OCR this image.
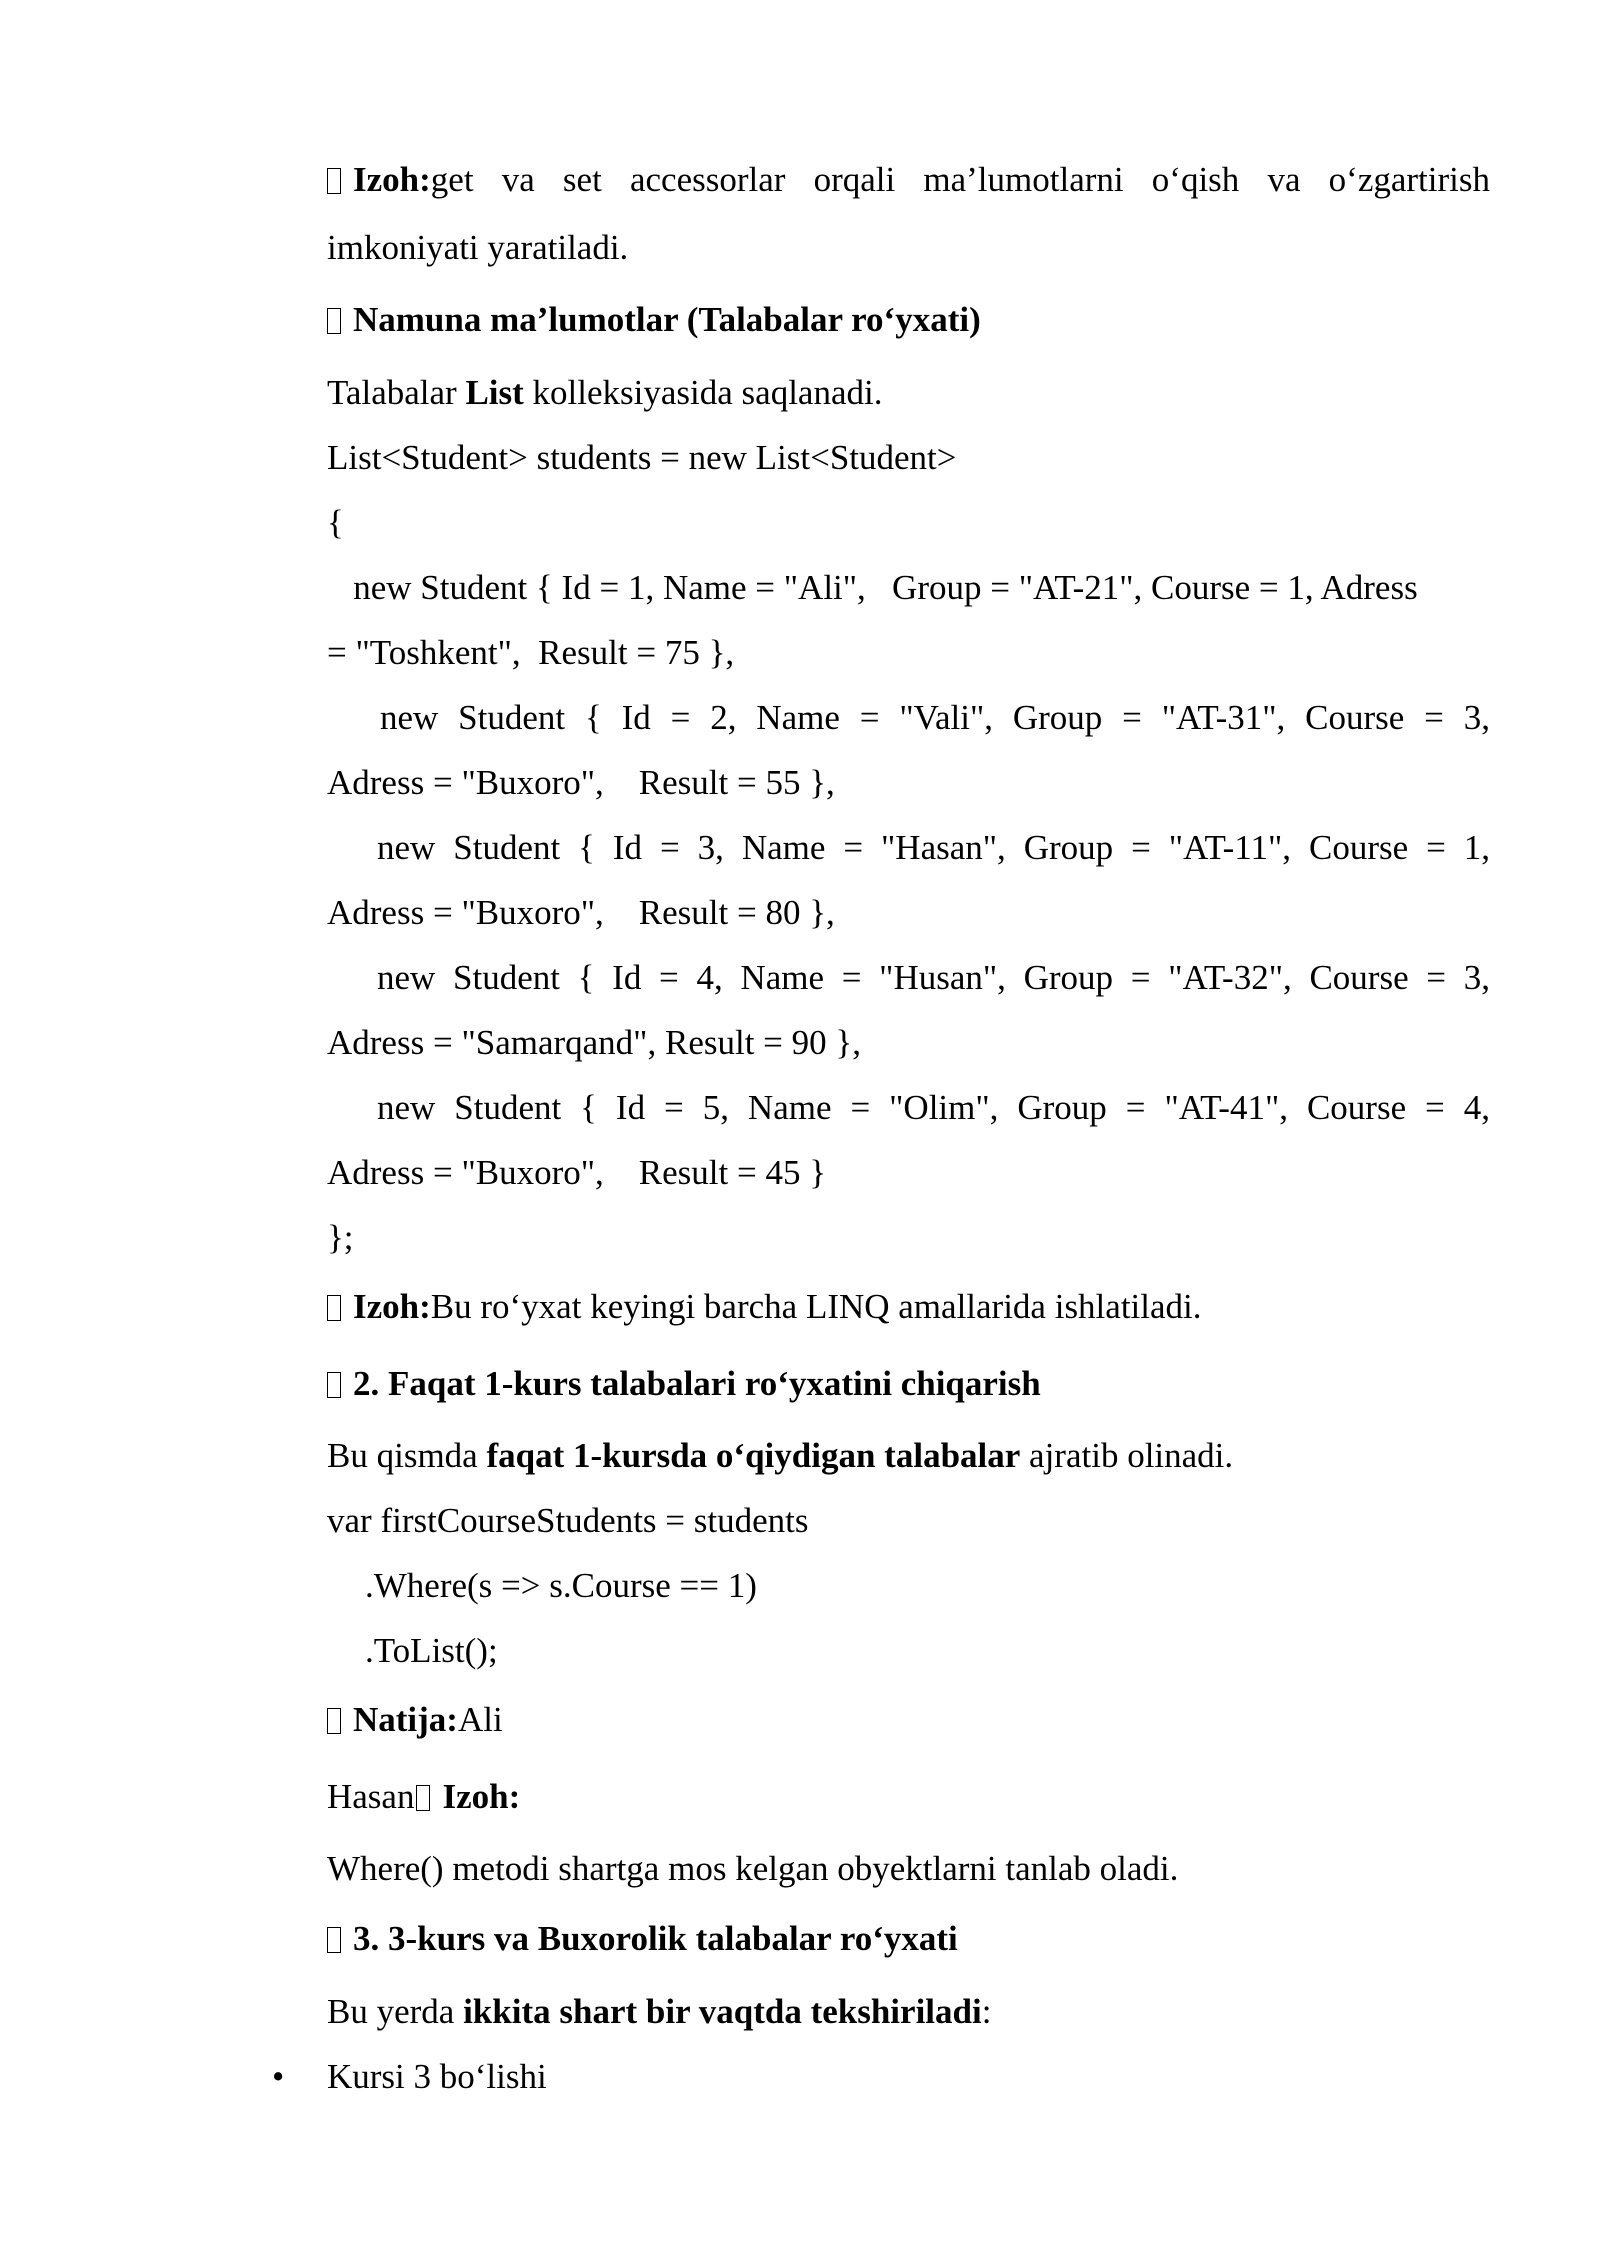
Izoh:get va set accessorlar orqali ma’lumotlarni o‘qish va o‘zgartirish
imkoniyati yaratiladi.
Namuna ma’lumotlar (Talabalar ro‘yxati)
Talabalar List kolleksiyasida saqlanadi.
List<Student> students = new List<Student>
{
new Student { Id = 1, Name = "Ali",   Group = "AT-21", Course = 1, Adress
= "Toshkent",  Result = 75 },
new Student { Id = 2, Name = "Vali", Group = "AT-31", Course = 3,
Adress = "Buxoro",    Result = 55 },
new Student { Id = 3, Name = "Hasan", Group = "AT-11", Course = 1,
Adress = "Buxoro",    Result = 80 },
new Student { Id = 4, Name = "Husan", Group = "AT-32", Course = 3,
Adress = "Samarqand", Result = 90 },
new Student { Id = 5, Name = "Olim", Group = "AT-41", Course = 4,
Adress = "Buxoro",    Result = 45 }
};
Izoh:Bu ro‘yxat keyingi barcha LINQ amallarida ishlatiladi.
2. Faqat 1-kurs talabalari ro‘yxatini chiqarish
Bu qismda faqat 1-kursda o‘qiydigan talabalar ajratib olinadi.
var firstCourseStudents = students
.Where(s => s.Course == 1)
.ToList();
Natija:Ali
Hasan Izoh:
Where() metodi shartga mos kelgan obyektlarni tanlab oladi.
3. 3-kurs va Buxorolik talabalar ro‘yxati
Bu yerda ikkita shart bir vaqtda tekshiriladi:
• Kursi 3 bo‘lishi
